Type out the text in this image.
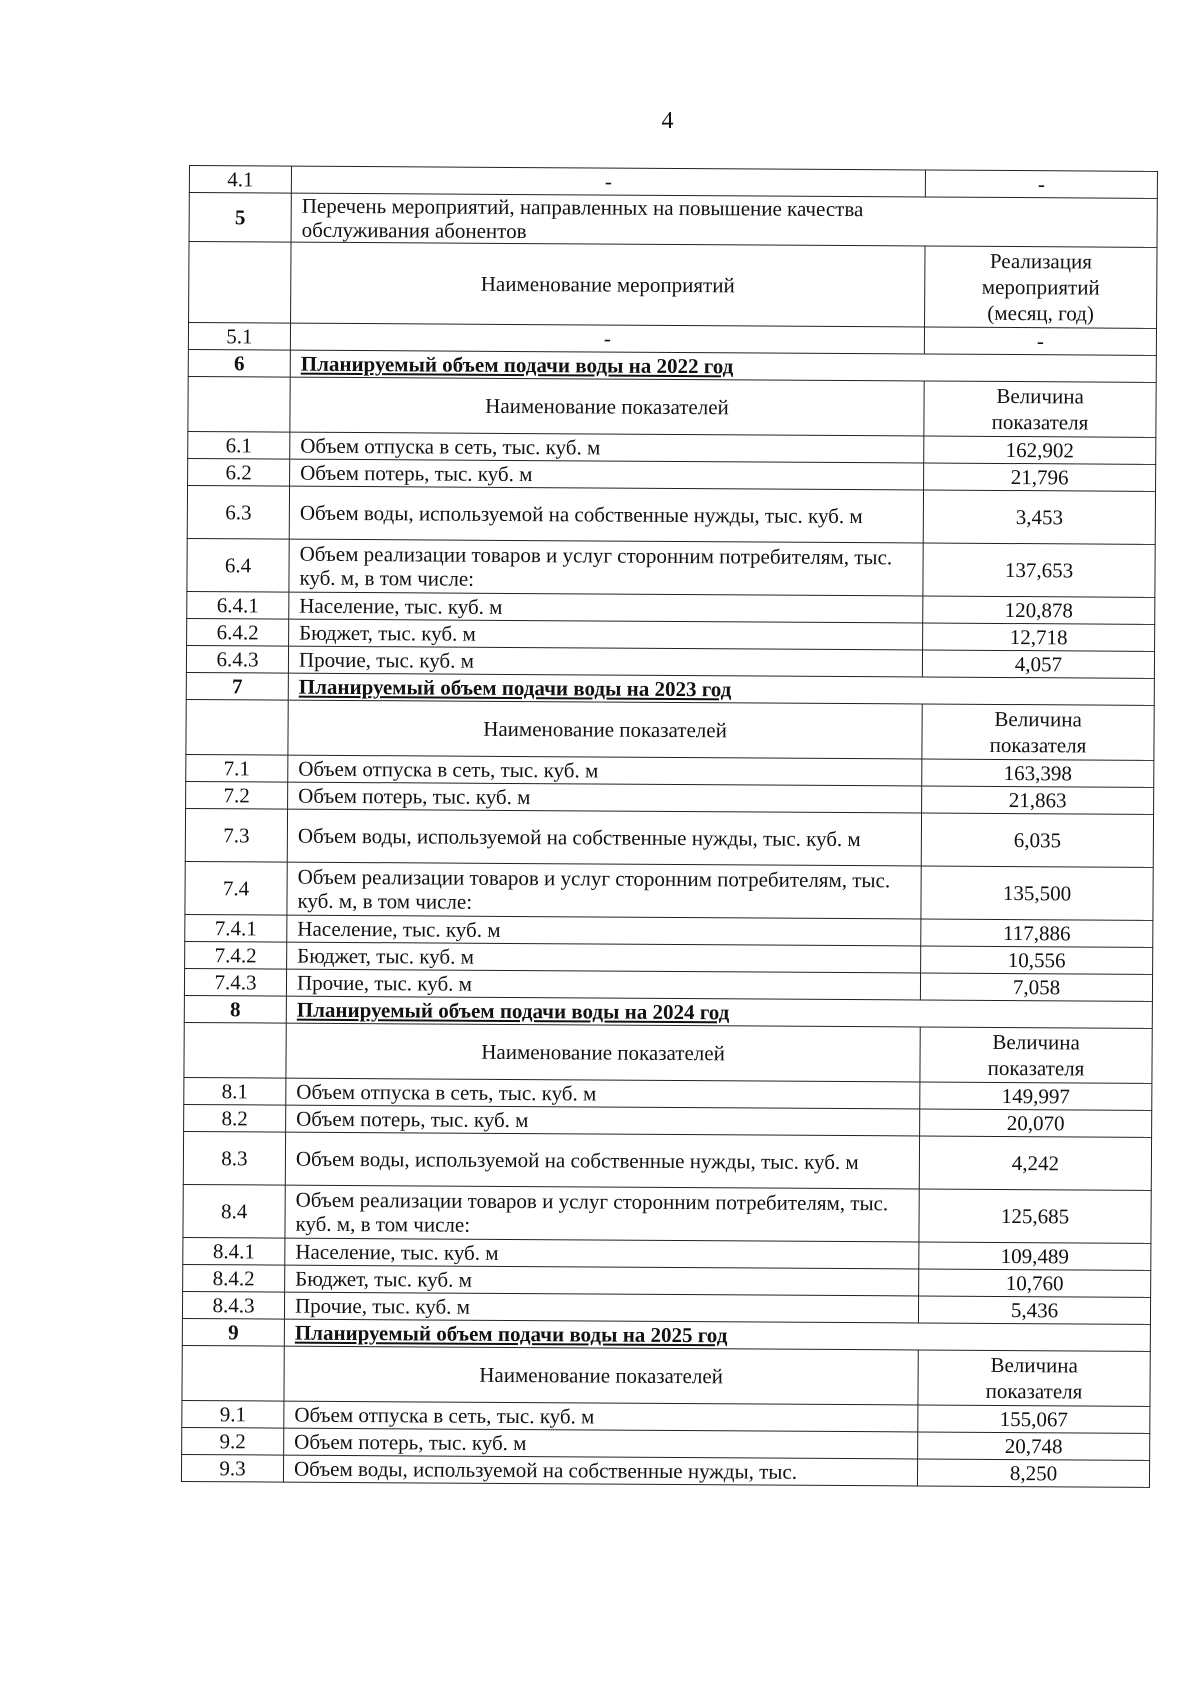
4
4.1	-	-
5	Перечень мероприятий, направленных на повышение качества
обслуживания абонентов	

	Наименование мероприятий	Реализация
мероприятий
(месяц, год)

5.1	-	-
6	Планируемый объем подачи воды на 2022 год	
	Наименование показателей	Величина
показателя

6.1	Объем отпуска в сеть, тыс. куб. м	162,902
6.2	Объем потерь, тыс. куб. м	21,796
6.3	Объем воды, используемой на собственные нужды, тыс. куб. м	3,453
6.4	Объем реализации товаров и услуг сторонним потребителям, тыс. куб. м, в том числе:	137,653
6.4.1	Население, тыс. куб. м	120,878
6.4.2	Бюджет, тыс. куб. м	12,718
6.4.3	Прочие, тыс. куб. м	4,057
7	Планируемый объем подачи воды на 2023 год	
	Наименование показателей	Величина
показателя

7.1	Объем отпуска в сеть, тыс. куб. м	163,398
7.2	Объем потерь, тыс. куб. м	21,863
7.3	Объем воды, используемой на собственные нужды, тыс. куб. м	6,035
7.4	Объем реализации товаров и услуг сторонним потребителям, тыс. куб. м, в том числе:	135,500
7.4.1	Население, тыс. куб. м	117,886
7.4.2	Бюджет, тыс. куб. м	10,556
7.4.3	Прочие, тыс. куб. м	7,058
8	Планируемый объем подачи воды на 2024 год	
	Наименование показателей	Величина
показателя

8.1	Объем отпуска в сеть, тыс. куб. м	149,997
8.2	Объем потерь, тыс. куб. м	20,070
8.3	Объем воды, используемой на собственные нужды, тыс. куб. м	4,242
8.4	Объем реализации товаров и услуг сторонним потребителям, тыс. куб. м, в том числе:	125,685
8.4.1	Население, тыс. куб. м	109,489
8.4.2	Бюджет, тыс. куб. м	10,760
8.4.3	Прочие, тыс. куб. м	5,436
9	Планируемый объем подачи воды на 2025 год	
	Наименование показателей	Величина
показателя

9.1	Объем отпуска в сеть, тыс. куб. м	155,067
9.2	Объем потерь, тыс. куб. м	20,748
9.3	Объем воды, используемой на собственные нужды, тыс.	8,250
